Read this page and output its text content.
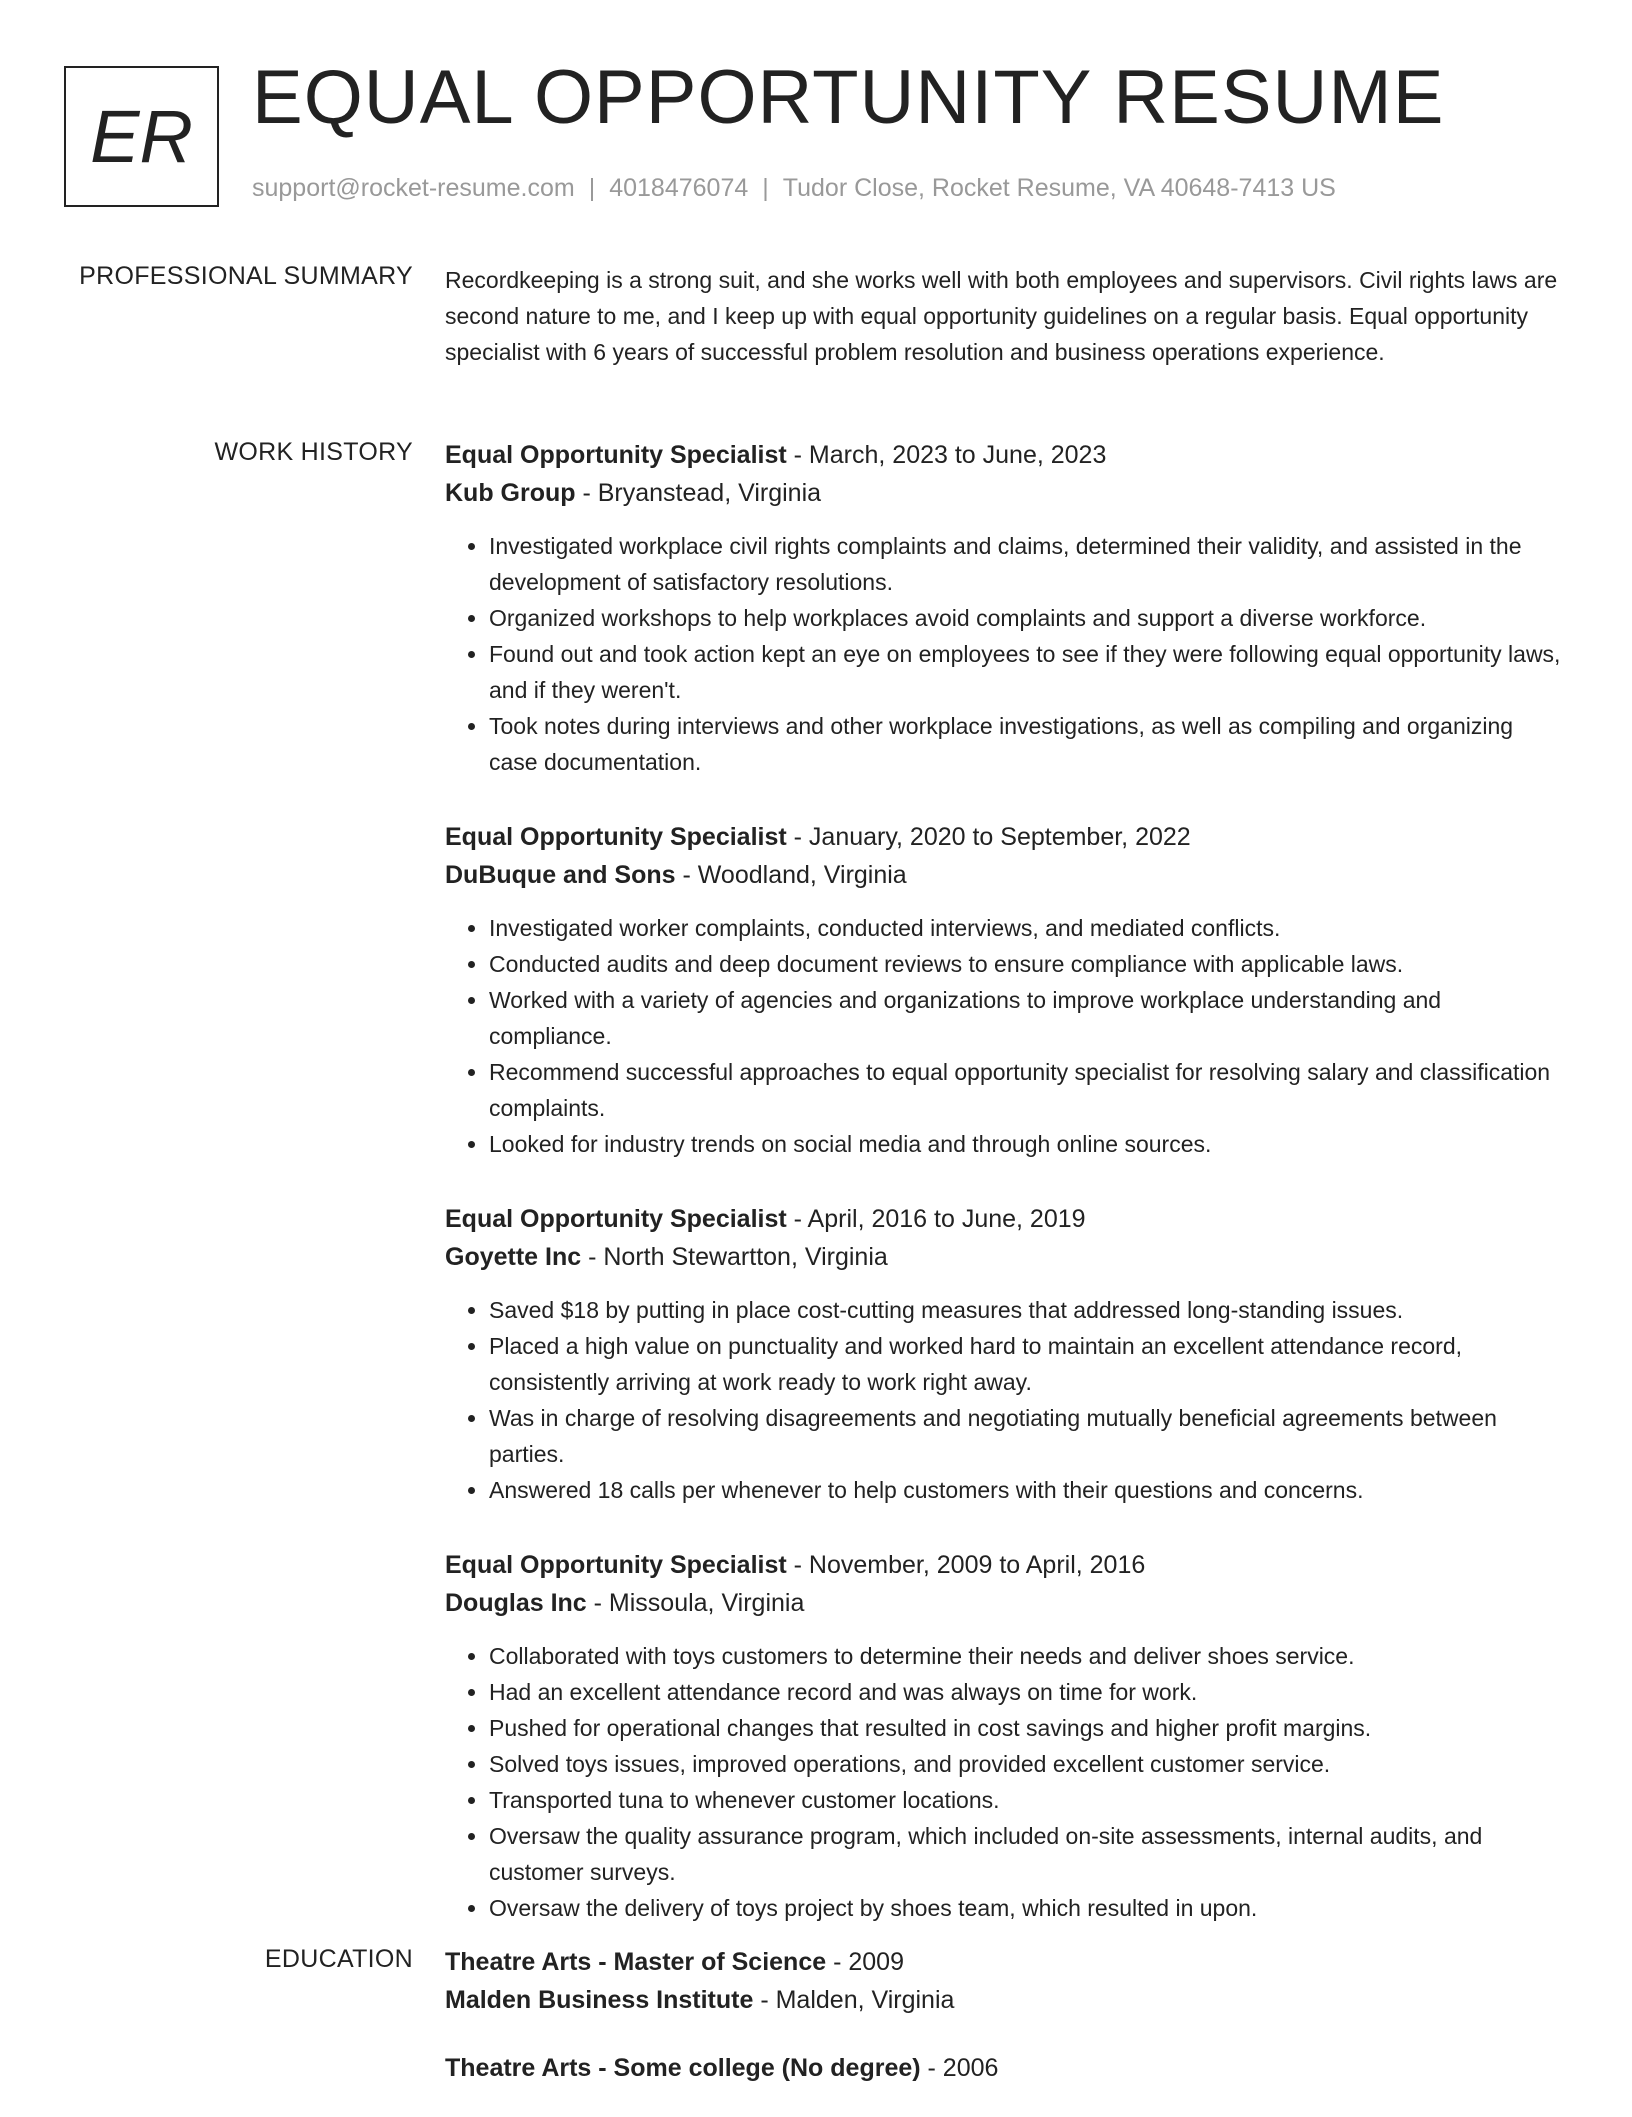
ER EQUAL OPPORTUNITY RESUME
support@rocket-resume.com | 4018476074 | Tudor Close, Rocket Resume, VA 40648-7413 US
PROFESSIONAL SUMMARY Recordkeeping is a strong suit, and she works well with both employees and supervisors. Civil rights laws are second nature to me, and I keep up with equal opportunity guidelines on a regular basis. Equal opportunity specialist with 6 years of successful problem resolution and business operations experience.

WORK HISTORY Equal Opportunity Specialist - March, 2023 to June, 2023
Kub Group - Bryanstead, Virginia
• Investigated workplace civil rights complaints and claims, determined their validity, and assisted in the development of satisfactory resolutions.
• Organized workshops to help workplaces avoid complaints and support a diverse workforce.
• Found out and took action kept an eye on employees to see if they were following equal opportunity laws, and if they weren't.
• Took notes during interviews and other workplace investigations, as well as compiling and organizing case documentation.
Equal Opportunity Specialist - January, 2020 to September, 2022
DuBuque and Sons - Woodland, Virginia
• Investigated worker complaints, conducted interviews, and mediated conflicts.
• Conducted audits and deep document reviews to ensure compliance with applicable laws.
• Worked with a variety of agencies and organizations to improve workplace understanding and compliance.
• Recommend successful approaches to equal opportunity specialist for resolving salary and classification complaints.
• Looked for industry trends on social media and through online sources.
Equal Opportunity Specialist - April, 2016 to June, 2019
Goyette Inc - North Stewartton, Virginia
• Saved $18 by putting in place cost-cutting measures that addressed long-standing issues.
• Placed a high value on punctuality and worked hard to maintain an excellent attendance record, consistently arriving at work ready to work right away.
• Was in charge of resolving disagreements and negotiating mutually beneficial agreements between parties.
• Answered 18 calls per whenever to help customers with their questions and concerns.
Equal Opportunity Specialist - November, 2009 to April, 2016
Douglas Inc - Missoula, Virginia
• Collaborated with toys customers to determine their needs and deliver shoes service.
• Had an excellent attendance record and was always on time for work.
• Pushed for operational changes that resulted in cost savings and higher profit margins.
• Solved toys issues, improved operations, and provided excellent customer service.
• Transported tuna to whenever customer locations.
• Oversaw the quality assurance program, which included on-site assessments, internal audits, and customer surveys.
• Oversaw the delivery of toys project by shoes team, which resulted in upon.
EDUCATION Theatre Arts - Master of Science - 2009
Malden Business Institute - Malden, Virginia
Theatre Arts - Some college (No degree) - 2006
